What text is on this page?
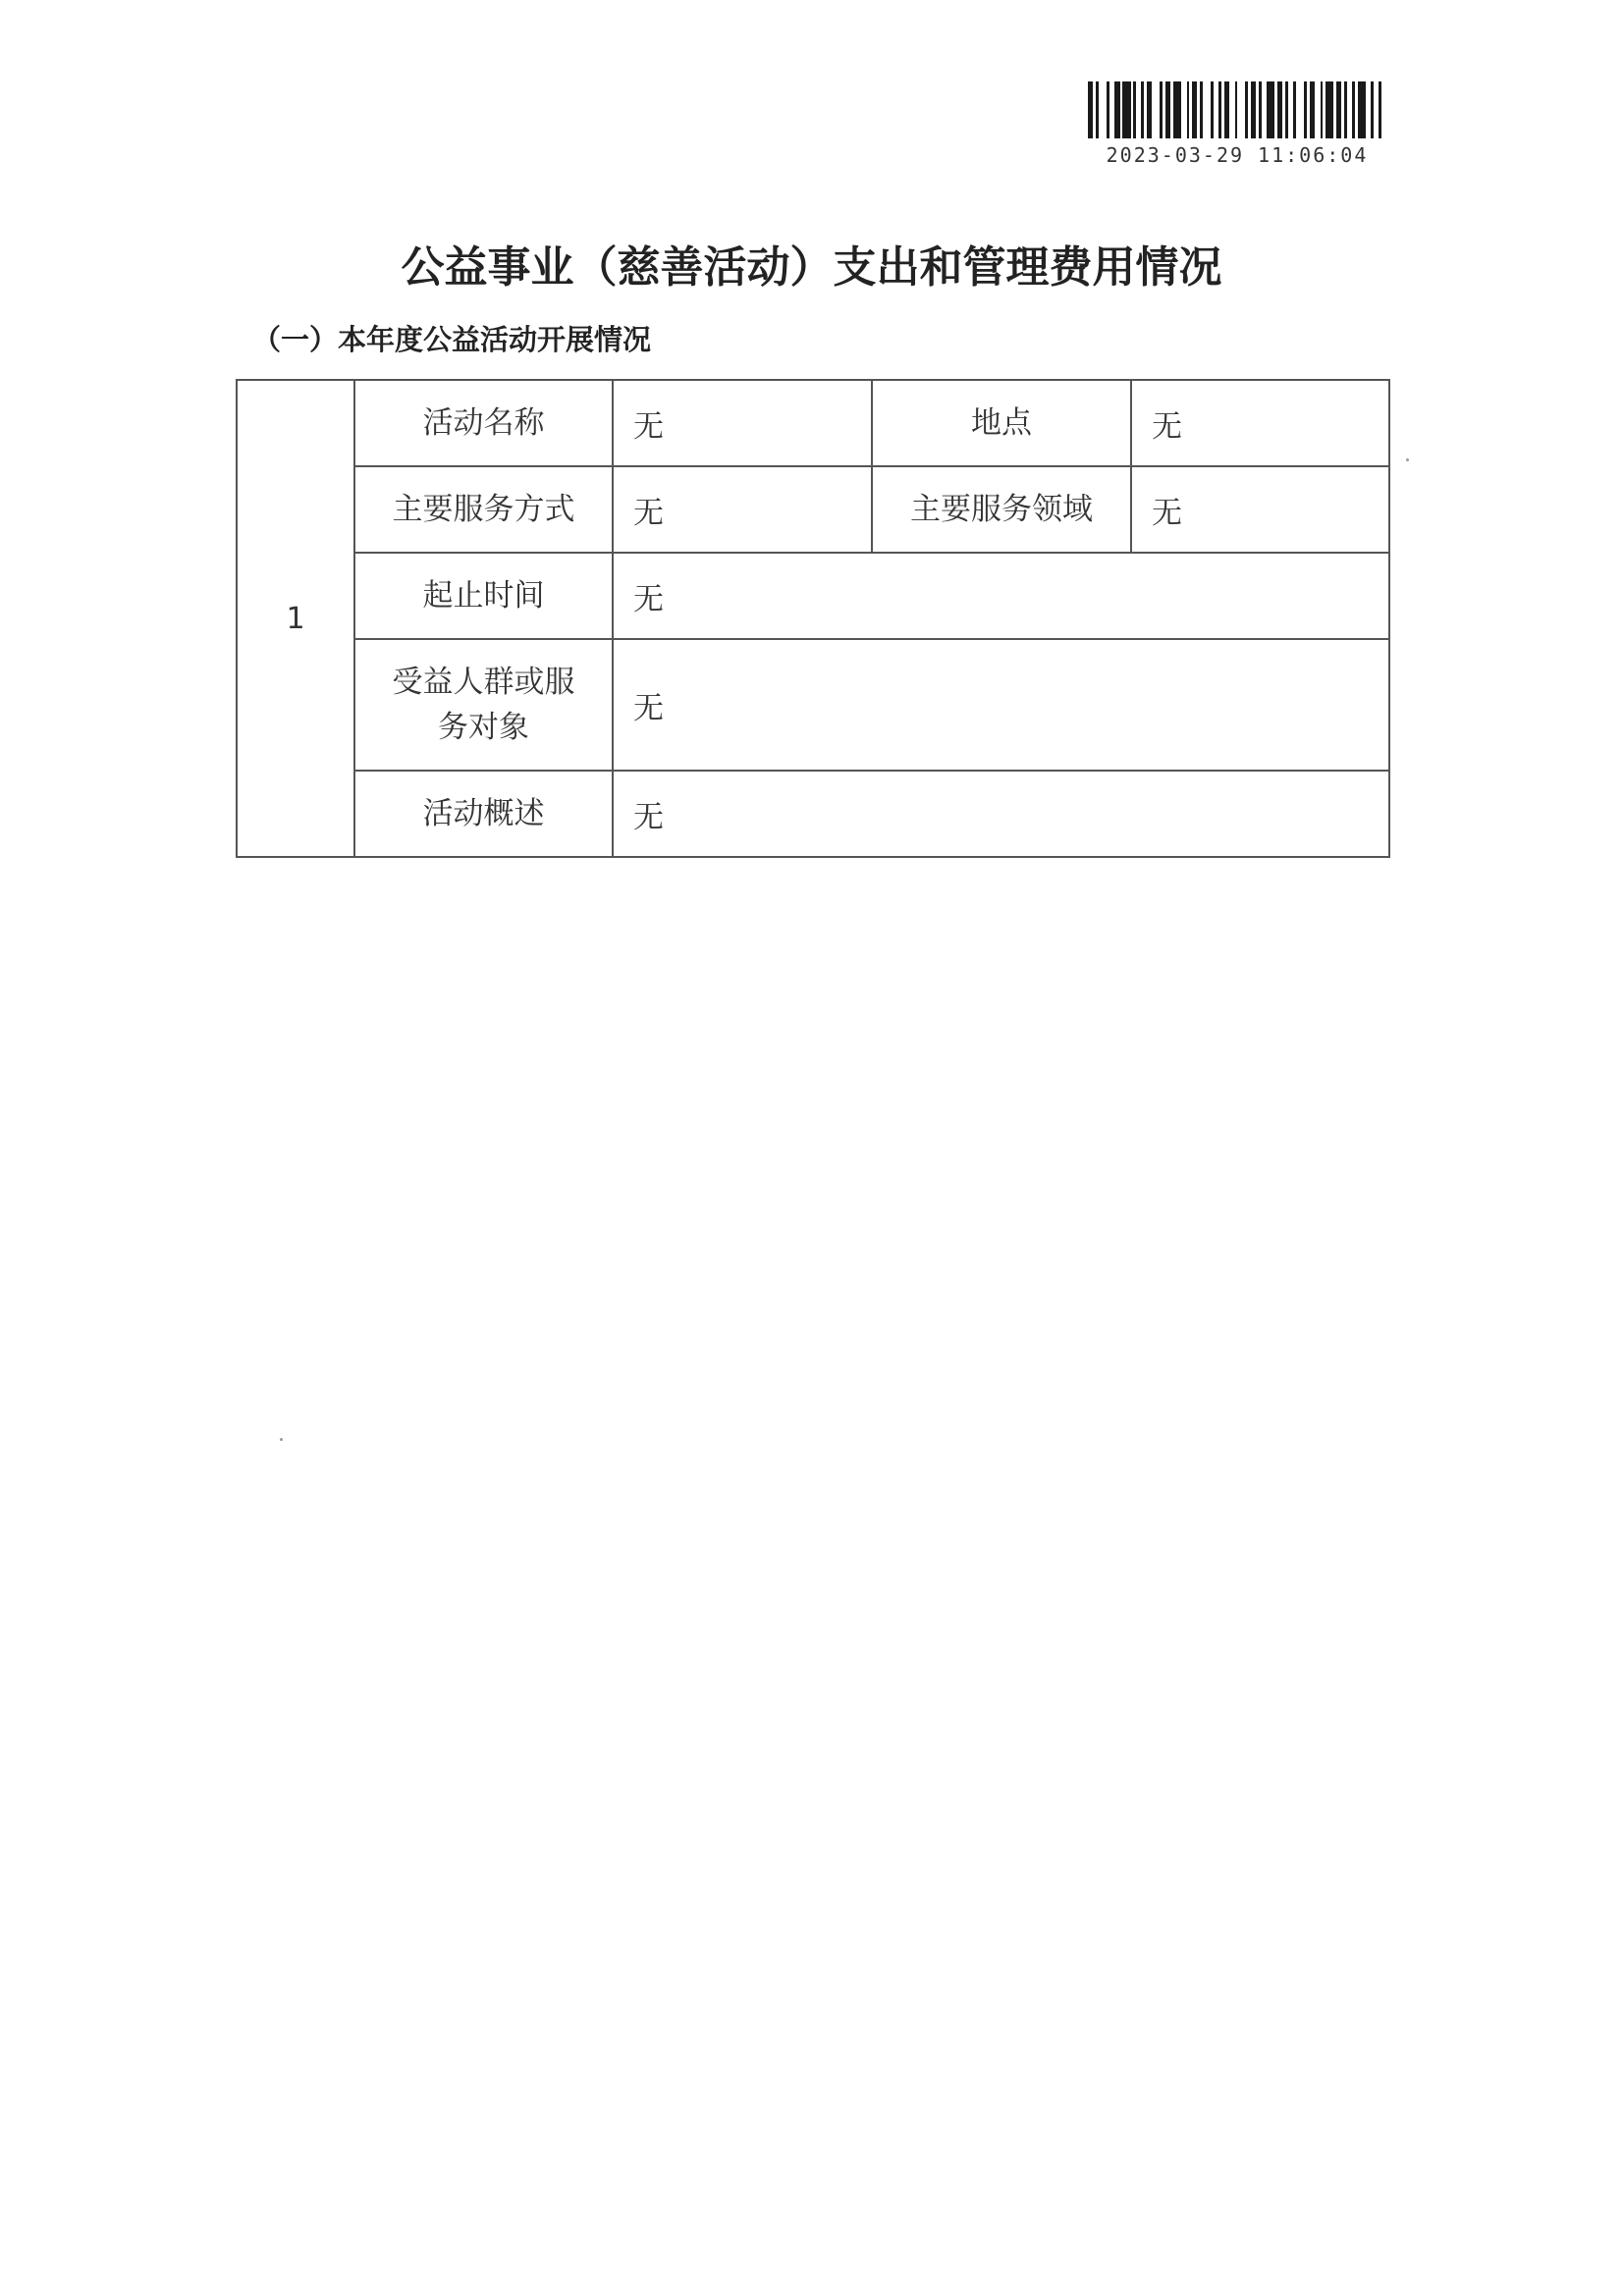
2023-03-29 11:06:04
公益事业（慈善活动）支出和管理费用情况
（一）本年度公益活动开展情况
1	活动名称	无	地点	无
	主要服务方式	无	主要服务领域	无
	起止时间	无		

	受益人群或服
务对象	无		
	活动概述	无		
